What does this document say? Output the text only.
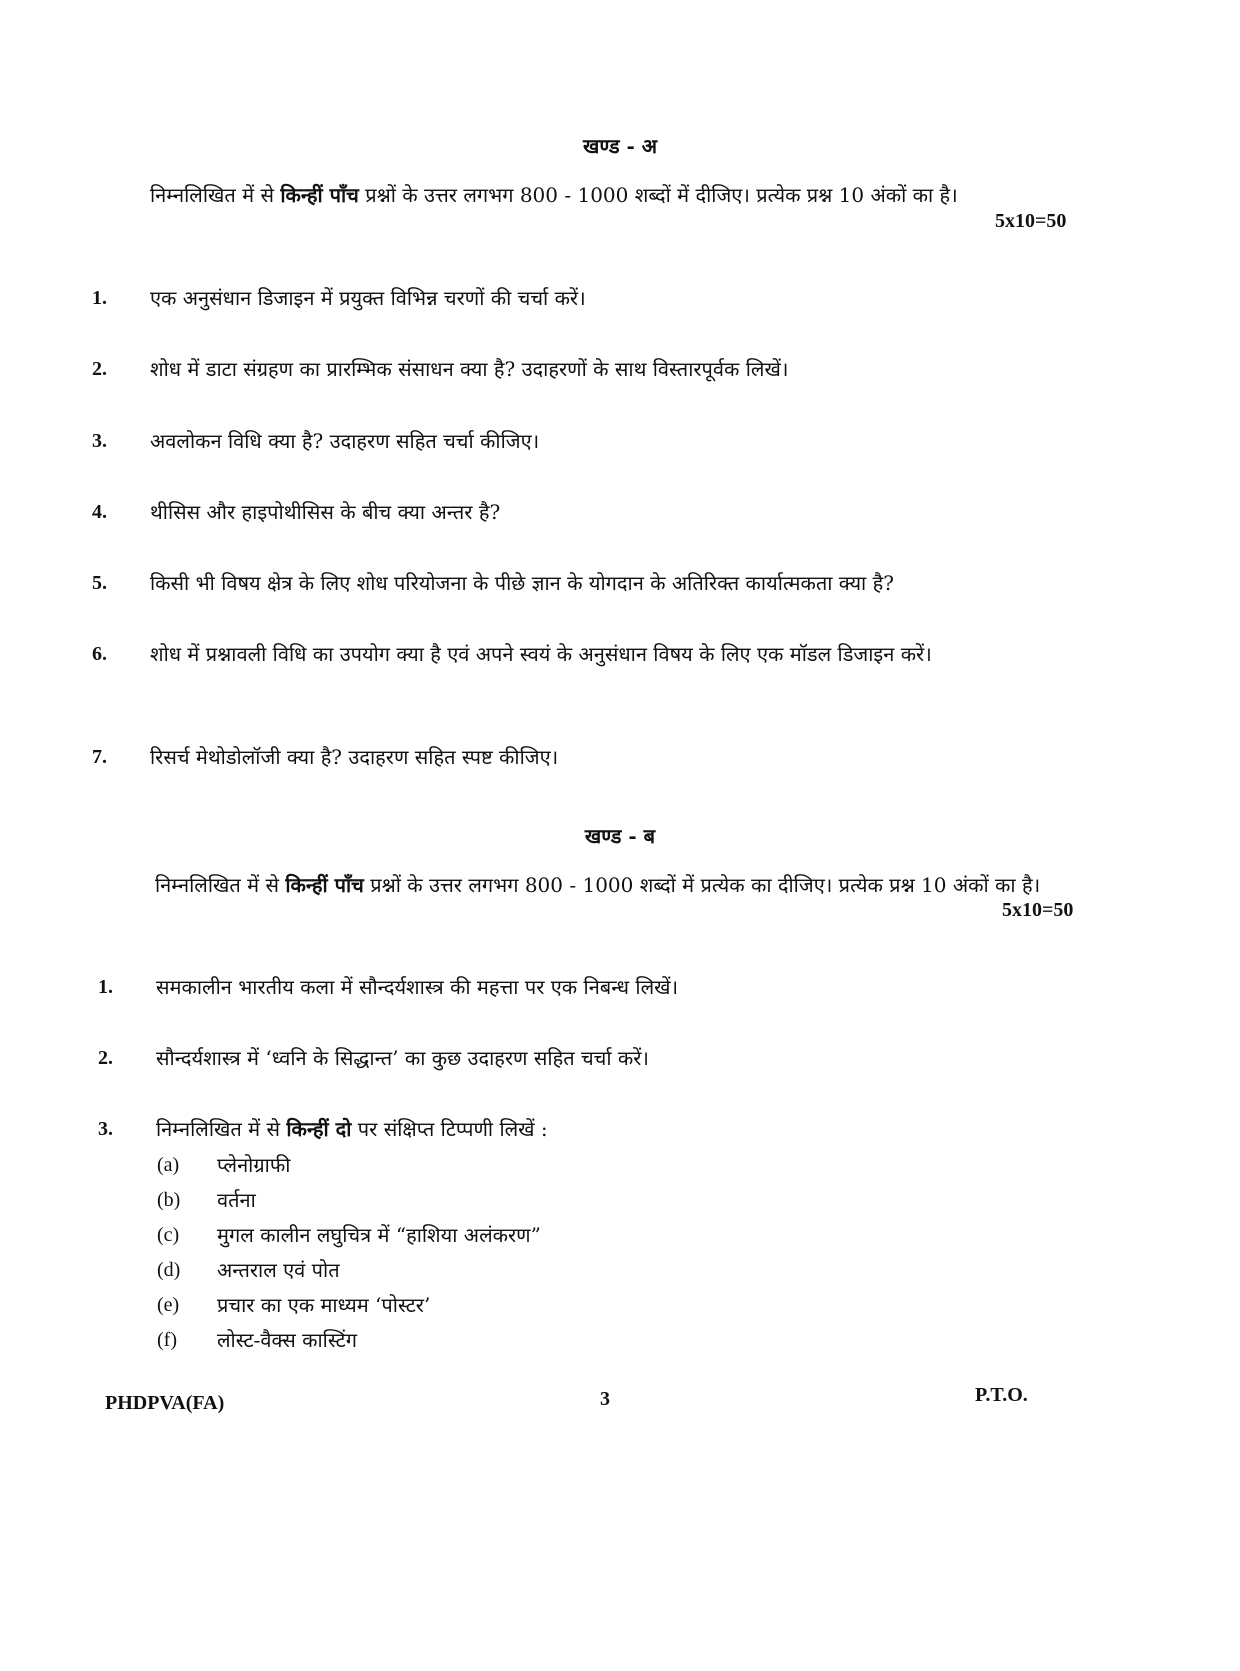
खण्ड - अ
निम्नलिखित में से किन्हीं पाँच प्रश्नों के उत्तर लगभग 800 - 1000 शब्दों में दीजिए। प्रत्येक प्रश्न 10 अंकों का है।
5x10=50
1.	एक अनुसंधान डिजाइन में प्रयुक्त विभिन्न चरणों की चर्चा करें।
2.	शोध में डाटा संग्रहण का प्रारम्भिक संसाधन क्या है? उदाहरणों के साथ विस्तारपूर्वक लिखें।
3.	अवलोकन विधि क्या है? उदाहरण सहित चर्चा कीजिए।
4.	थीसिस और हाइपोथीसिस के बीच क्या अन्तर है?
5.	किसी भी विषय क्षेत्र के लिए शोध परियोजना के पीछे ज्ञान के योगदान के अतिरिक्त कार्यात्मकता क्या है?
6.	शोध में प्रश्नावली विधि का उपयोग क्या है एवं अपने स्वयं के अनुसंधान विषय के लिए एक मॉडल डिजाइन करें।
7.	रिसर्च मेथोडोलॉजी क्या है? उदाहरण सहित स्पष्ट कीजिए।
खण्ड - ब
निम्नलिखित में से किन्हीं पाँच प्रश्नों के उत्तर लगभग 800 - 1000 शब्दों में प्रत्येक का दीजिए। प्रत्येक प्रश्न 10 अंकों का है।
5x10=50
1.	समकालीन भारतीय कला में सौन्दर्यशास्त्र की महत्ता पर एक निबन्ध लिखें।
2.	सौन्दर्यशास्त्र में ‘ध्वनि के सिद्धान्त’ का कुछ उदाहरण सहित चर्चा करें।
3.	निम्नलिखित में से किन्हीं दो पर संक्षिप्त टिप्पणी लिखें :
(a)	प्लेनोग्राफी
(b)	वर्तना
(c)	मुगल कालीन लघुचित्र में “हाशिया अलंकरण”
(d)	अन्तराल एवं पोत
(e)	प्रचार का एक माध्यम ‘पोस्टर’
(f)	लोस्ट-वैक्स कास्टिंग
PHDPVA(FA)	3	P.T.O.
